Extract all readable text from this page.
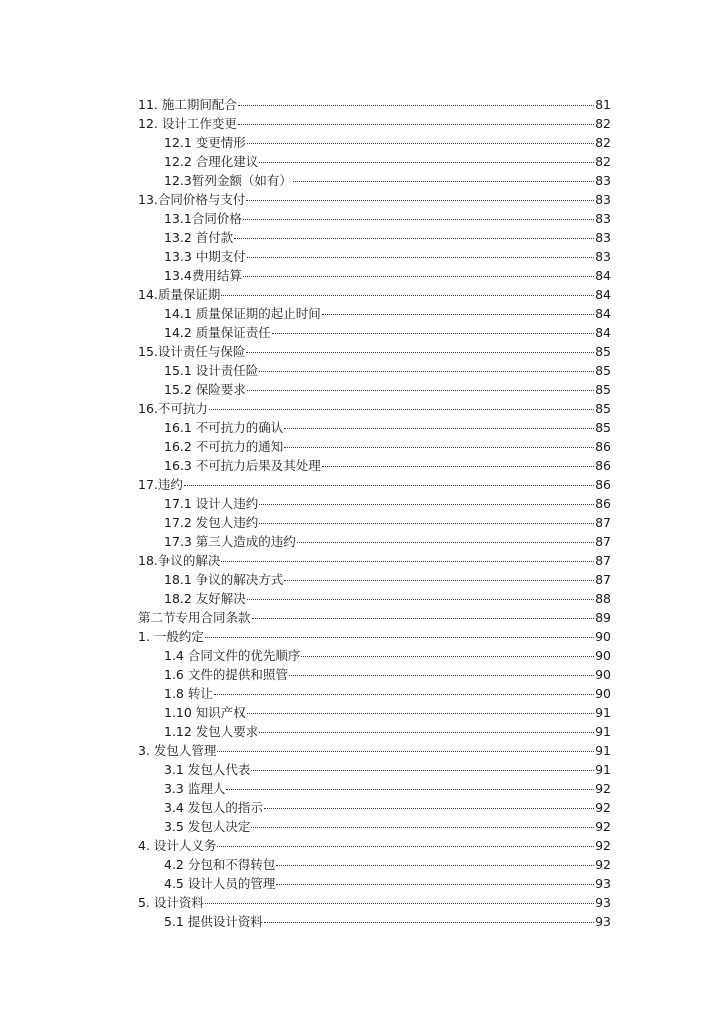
11. 施工期间配合	81
12. 设计工作变更	82
12.1 变更情形	82
12.2 合理化建议	82
12.3暂列金额（如有）	83
13.合同价格与支付	83
13.1合同价格	83
13.2 首付款	83
13.3 中期支付	83
13.4费用结算	84
14.质量保证期	84
14.1 质量保证期的起止时间	84
14.2 质量保证责任	84
15.设计责任与保险	85
15.1 设计责任险	85
15.2 保险要求	85
16.不可抗力	85
16.1 不可抗力的确认	85
16.2 不可抗力的通知	86
16.3 不可抗力后果及其处理	86
17.违约	86
17.1 设计人违约	86
17.2 发包人违约	87
17.3 第三人造成的违约	87
18.争议的解决	87
18.1 争议的解决方式	87
18.2 友好解决	88
第二节专用合同条款	89
1. 一般约定	90
1.4 合同文件的优先顺序	90
1.6 文件的提供和照管	90
1.8 转让	90
1.10 知识产权	91
1.12 发包人要求	91
3. 发包人管理	91
3.1 发包人代表	91
3.3 监理人	92
3.4 发包人的指示	92
3.5 发包人决定	92
4. 设计人义务	92
4.2 分包和不得转包	92
4.5 设计人员的管理	93
5. 设计资料	93
5.1 提供设计资料	93
